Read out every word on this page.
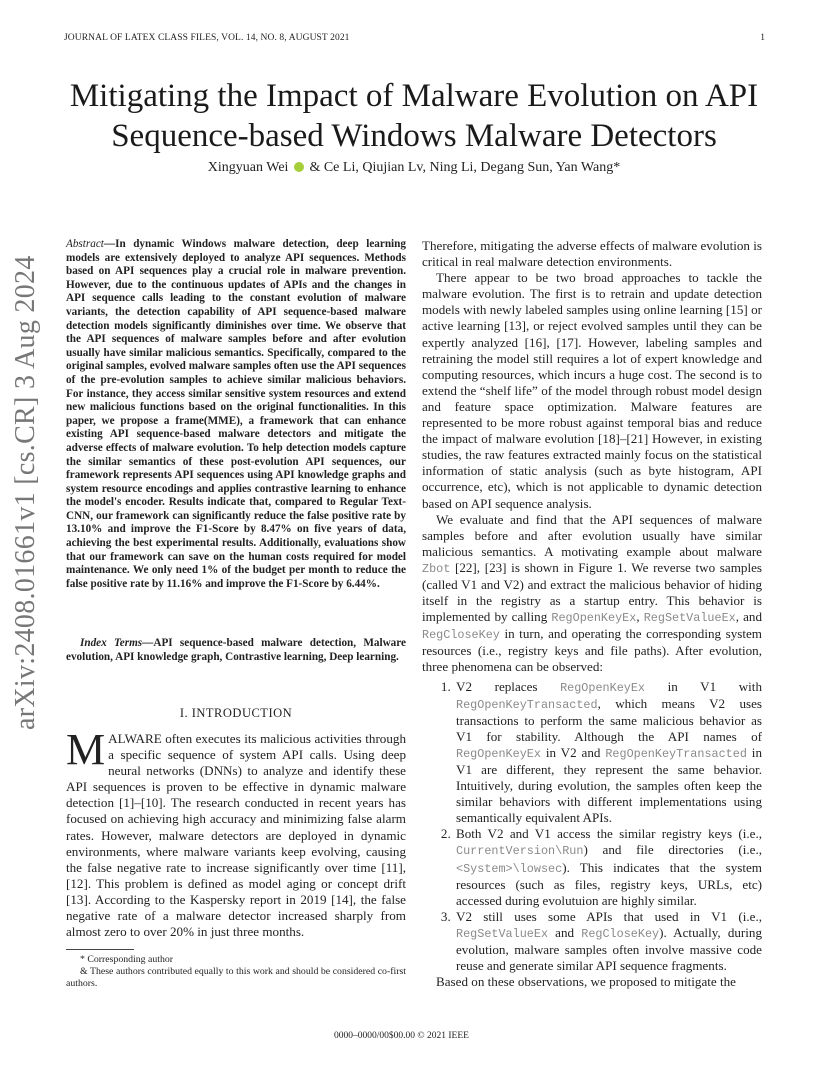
JOURNAL OF LATEX CLASS FILES, VOL. 14, NO. 8, AUGUST 2021	1
Mitigating the Impact of Malware Evolution on API Sequence-based Windows Malware Detectors
Xingyuan Wei & Ce Li, Qiujian Lv, Ning Li, Degang Sun, Yan Wang*
arXiv:2408.01661v1 [cs.CR] 3 Aug 2024

Abstract—In dynamic Windows malware detection, deep learning models are extensively deployed to analyze API sequences. Methods based on API sequences play a crucial role in malware prevention. However, due to the continuous updates of APIs and the changes in API sequence calls leading to the constant evolution of malware variants, the detection capability of API sequence-based malware detection models significantly diminishes over time. We observe that the API sequences of malware samples before and after evolution usually have similar malicious semantics. Specifically, compared to the original samples, evolved malware samples often use the API sequences of the pre-evolution samples to achieve similar malicious behaviors. For instance, they access similar sensitive system resources and extend new malicious functions based on the original functionalities. In this paper, we propose a frame(MME), a framework that can enhance existing API sequence-based malware detectors and mitigate the adverse effects of malware evolution. To help detection models capture the similar semantics of these post-evolution API sequences, our framework represents API sequences using API knowledge graphs and system resource encodings and applies contrastive learning to enhance the model's encoder. Results indicate that, compared to Regular Text-CNN, our framework can significantly reduce the false positive rate by 13.10% and improve the F1-Score by 8.47% on five years of data, achieving the best experimental results. Additionally, evaluations show that our framework can save on the human costs required for model maintenance. We only need 1% of the budget per month to reduce the false positive rate by 11.16% and improve the F1-Score by 6.44%.

Index Terms—API sequence-based malware detection, Malware evolution, API knowledge graph, Contrastive learning, Deep learning.

I. INTRODUCTION

MALWARE often executes its malicious activities through a specific sequence of system API calls. Using deep neural networks (DNNs) to analyze and identify these API sequences is proven to be effective in dynamic malware detection [1]–[10]. The research conducted in recent years has focused on achieving high accuracy and minimizing false alarm rates. However, malware detectors are deployed in dynamic environments, where malware variants keep evolving, causing the false negative rate to increase significantly over time [11], [12]. This problem is defined as model aging or concept drift [13]. According to the Kaspersky report in 2019 [14], the false negative rate of a malware detector increased sharply from almost zero to over 20% in just three months.

* Corresponding author

& These authors contributed equally to this work and should be considered co-first authors.

Therefore, mitigating the adverse effects of malware evolution is critical in real malware detection environments.

There appear to be two broad approaches to tackle the malware evolution. The first is to retrain and update detection models with newly labeled samples using online learning [15] or active learning [13], or reject evolved samples until they can be expertly analyzed [16], [17]. However, labeling samples and retraining the model still requires a lot of expert knowledge and computing resources, which incurs a huge cost. The second is to extend the “shelf life” of the model through robust model design and feature space optimization. Malware features are represented to be more robust against temporal bias and reduce the impact of malware evolution [18]–[21] However, in existing studies, the raw features extracted mainly focus on the statistical information of static analysis (such as byte histogram, API occurrence, etc), which is not applicable to dynamic detection based on API sequence analysis.

We evaluate and find that the API sequences of malware samples before and after evolution usually have similar malicious semantics. A motivating example about malware Zbot [22], [23] is shown in Figure 1. We reverse two samples (called V1 and V2) and extract the malicious behavior of hiding itself in the registry as a startup entry. This behavior is implemented by calling RegOpenKeyEx, RegSetValueEx, and RegCloseKey in turn, and operating the corresponding system resources (i.e., registry keys and file paths). After evolution, three phenomena can be observed:

1. V2 replaces RegOpenKeyEx in V1 with RegOpenKeyTransacted, which means V2 uses transactions to perform the same malicious behavior as V1 for stability. Although the API names of RegOpenKeyEx in V2 and RegOpenKeyTransacted in V1 are different, they represent the same behavior. Intuitively, during evolution, the samples often keep the similar behaviors with different implementations using semantically equivalent APIs.
2. Both V2 and V1 access the similar registry keys (i.e., CurrentVersion\Run) and file directories (i.e., <System>\lowsec). This indicates that the system resources (such as files, registry keys, URLs, etc) accessed during evolutuion are highly similar.
3. V2 still uses some APIs that used in V1 (i.e., RegSetValueEx and RegCloseKey). Actually, during evolution, malware samples often involve massive code reuse and generate similar API sequence fragments.

Based on these observations, we proposed to mitigate the

0000–0000/00$00.00 © 2021 IEEE
